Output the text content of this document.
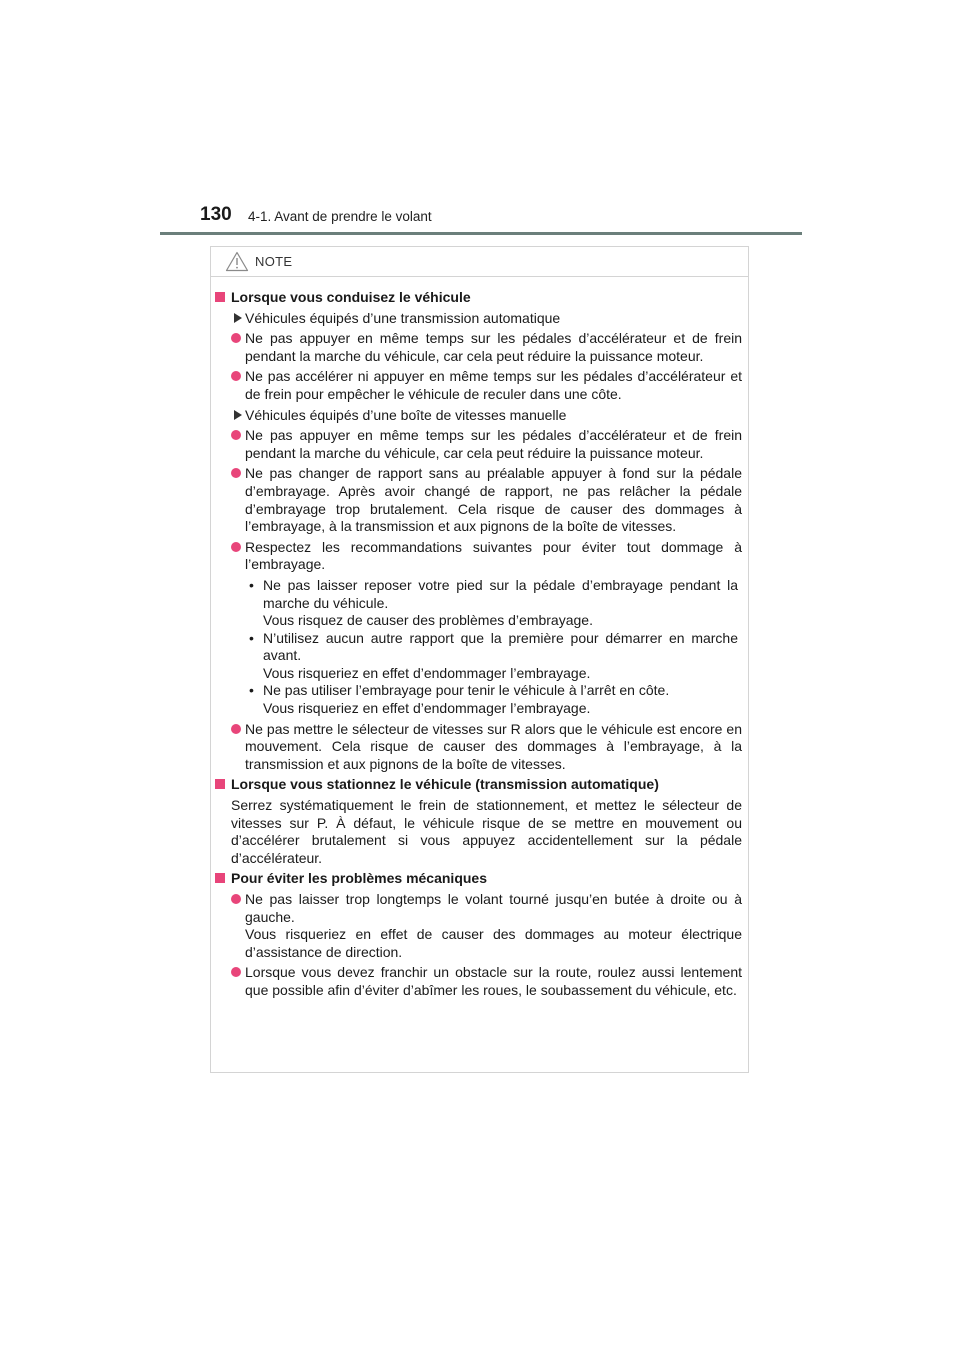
130 4-1. Avant de prendre le volant
NOTE
Lorsque vous conduisez le véhicule
Véhicules équipés d’une transmission automatique
Ne pas appuyer en même temps sur les pédales d’accélérateur et de frein pendant la marche du véhicule, car cela peut réduire la puissance moteur.
Ne pas accélérer ni appuyer en même temps sur les pédales d’accélérateur et de frein pour empêcher le véhicule de reculer dans une côte.
Véhicules équipés d’une boîte de vitesses manuelle
Ne pas appuyer en même temps sur les pédales d’accélérateur et de frein pendant la marche du véhicule, car cela peut réduire la puissance moteur.
Ne pas changer de rapport sans au préalable appuyer à fond sur la pédale d’embrayage. Après avoir changé de rapport, ne pas relâcher la pédale d’embrayage trop brutalement. Cela risque de causer des dommages à l’embrayage, à la transmission et aux pignons de la boîte de vitesses.
Respectez les recommandations suivantes pour éviter tout dommage à l’embrayage.
• Ne pas laisser reposer votre pied sur la pédale d’embrayage pendant la marche du véhicule.
Vous risquez de causer des problèmes d’embrayage.
• N’utilisez aucun autre rapport que la première pour démarrer en marche avant.
Vous risqueriez en effet d’endommager l’embrayage.
• Ne pas utiliser l’embrayage pour tenir le véhicule à l’arrêt en côte.
Vous risqueriez en effet d’endommager l’embrayage.
Ne pas mettre le sélecteur de vitesses sur R alors que le véhicule est encore en mouvement. Cela risque de causer des dommages à l’embrayage, à la transmission et aux pignons de la boîte de vitesses.
Lorsque vous stationnez le véhicule (transmission automatique)
Serrez systématiquement le frein de stationnement, et mettez le sélecteur de vitesses sur P. À défaut, le véhicule risque de se mettre en mouvement ou d’accélérer brutalement si vous appuyez accidentellement sur la pédale d’accélérateur.
Pour éviter les problèmes mécaniques
Ne pas laisser trop longtemps le volant tourné jusqu’en butée à droite ou à gauche.
Vous risqueriez en effet de causer des dommages au moteur électrique d’assistance de direction.
Lorsque vous devez franchir un obstacle sur la route, roulez aussi lentement que possible afin d’éviter d’abîmer les roues, le soubassement du véhicule, etc.
